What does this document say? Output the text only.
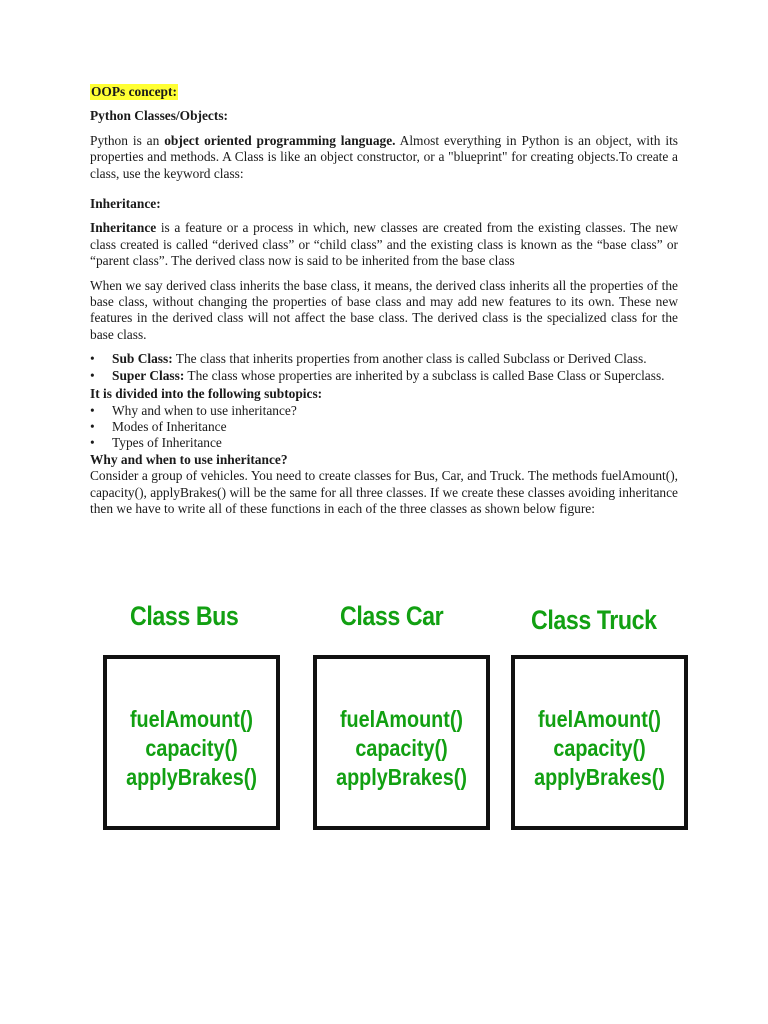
OOPs concept:
Python Classes/Objects:

Python is an object oriented programming language. Almost everything in Python is an object, with its properties and methods. A Class is like an object constructor, or a "blueprint" for creating objects.To create a class, use the keyword class:

Inheritance:

Inheritance is a feature or a process in which, new classes are created from the existing classes. The new class created is called “derived class” or “child class” and the existing class is known as the “base class” or “parent class”. The derived class now is said to be inherited from the base class

When we say derived class inherits the base class, it means, the derived class inherits all the properties of the base class, without changing the properties of base class and may add new features to its own. These new features in the derived class will not affect the base class. The derived class is the specialized class for the base class.

• Sub Class: The class that inherits properties from another class is called Subclass or Derived Class.
• Super Class: The class whose properties are inherited by a subclass is called Base Class or Superclass.
It is divided into the following subtopics:
• Why and when to use inheritance?
• Modes of Inheritance
• Types of Inheritance
Why and when to use inheritance?
Consider a group of vehicles. You need to create classes for Bus, Car, and Truck. The methods fuelAmount(), capacity(), applyBrakes() will be the same for all three classes. If we create these classes avoiding inheritance then we have to write all of these functions in each of the three classes as shown below figure:
Class Bus	Class Car	Class Truck
fuelAmount()
capacity()
applyBrakes()
fuelAmount()
capacity()
applyBrakes()
fuelAmount()
capacity()
applyBrakes()
